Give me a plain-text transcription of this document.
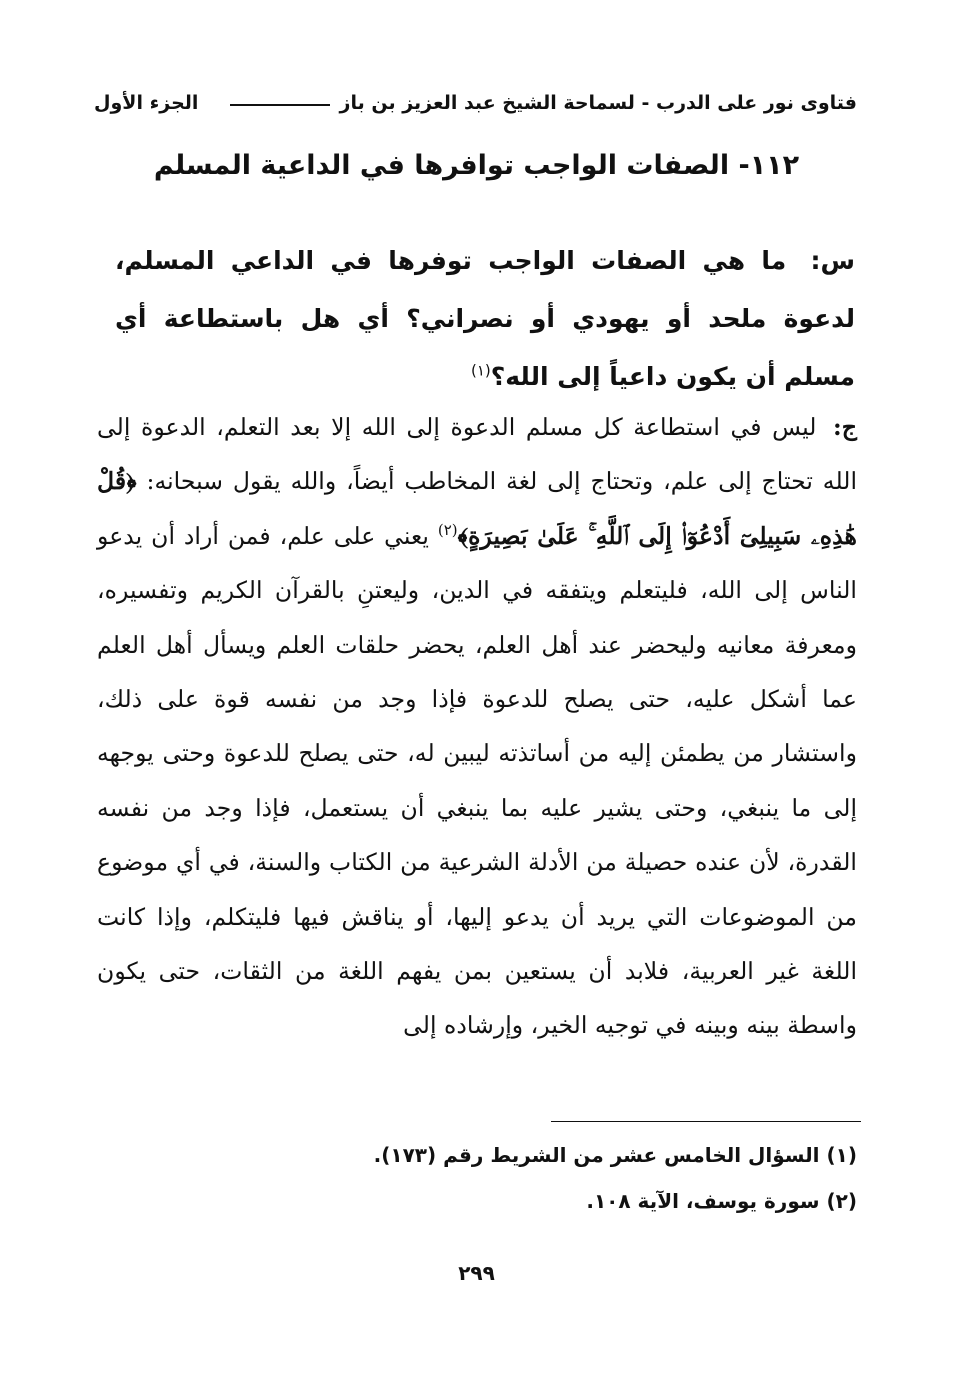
فتاوى نور على الدرب - لسماحة الشيخ عبد العزيز بن باز
الجزء الأول
١١٢- الصفات الواجب توافرها في الداعية المسلم
س: ما هي الصفات الواجب توفرها في الداعي المسلم، لدعوة ملحد أو يهودي أو نصراني؟ أي هل باستطاعة أي مسلم أن يكون داعياً إلى الله؟$^{(١)}$
ج: ليس في استطاعة كل مسلم الدعوة إلى الله إلا بعد التعلم، الدعوة إلى الله تحتاج إلى علم، وتحتاج إلى لغة المخاطب أيضاً، والله يقول سبحانه: ﴿قُلْ هَٰذِهِۦ سَبِيلِىٓ أَدْعُوٓا۟ إِلَى ٱللَّهِ ۚ عَلَىٰ بَصِيرَةٍ﴾$^{(٢)}$ يعني على علم، فمن أراد أن يدعو الناس إلى الله، فليتعلم ويتفقه في الدين، وليعتنِ بالقرآن الكريم وتفسيره، ومعرفة معانيه وليحضر عند أهل العلم، يحضر حلقات العلم ويسأل أهل العلم عما أشكل عليه، حتى يصلح للدعوة فإذا وجد من نفسه قوة على ذلك، واستشار من يطمئن إليه من أساتذته ليبين له، حتى يصلح للدعوة وحتى يوجهه إلى ما ينبغي، وحتى يشير عليه بما ينبغي أن يستعمل، فإذا وجد من نفسه القدرة، لأن عنده حصيلة من الأدلة الشرعية من الكتاب والسنة، في أي موضوع من الموضوعات التي يريد أن يدعو إليها، أو يناقش فيها فليتكلم، وإذا كانت اللغة غير العربية، فلابد أن يستعين بمن يفهم اللغة من الثقات، حتى يكون واسطة بينه وبينه في توجيه الخير، وإرشاده إلى
(١) السؤال الخامس عشر من الشريط رقم (١٧٣).
(٢) سورة يوسف، الآية ١٠٨.
٢٩٩
